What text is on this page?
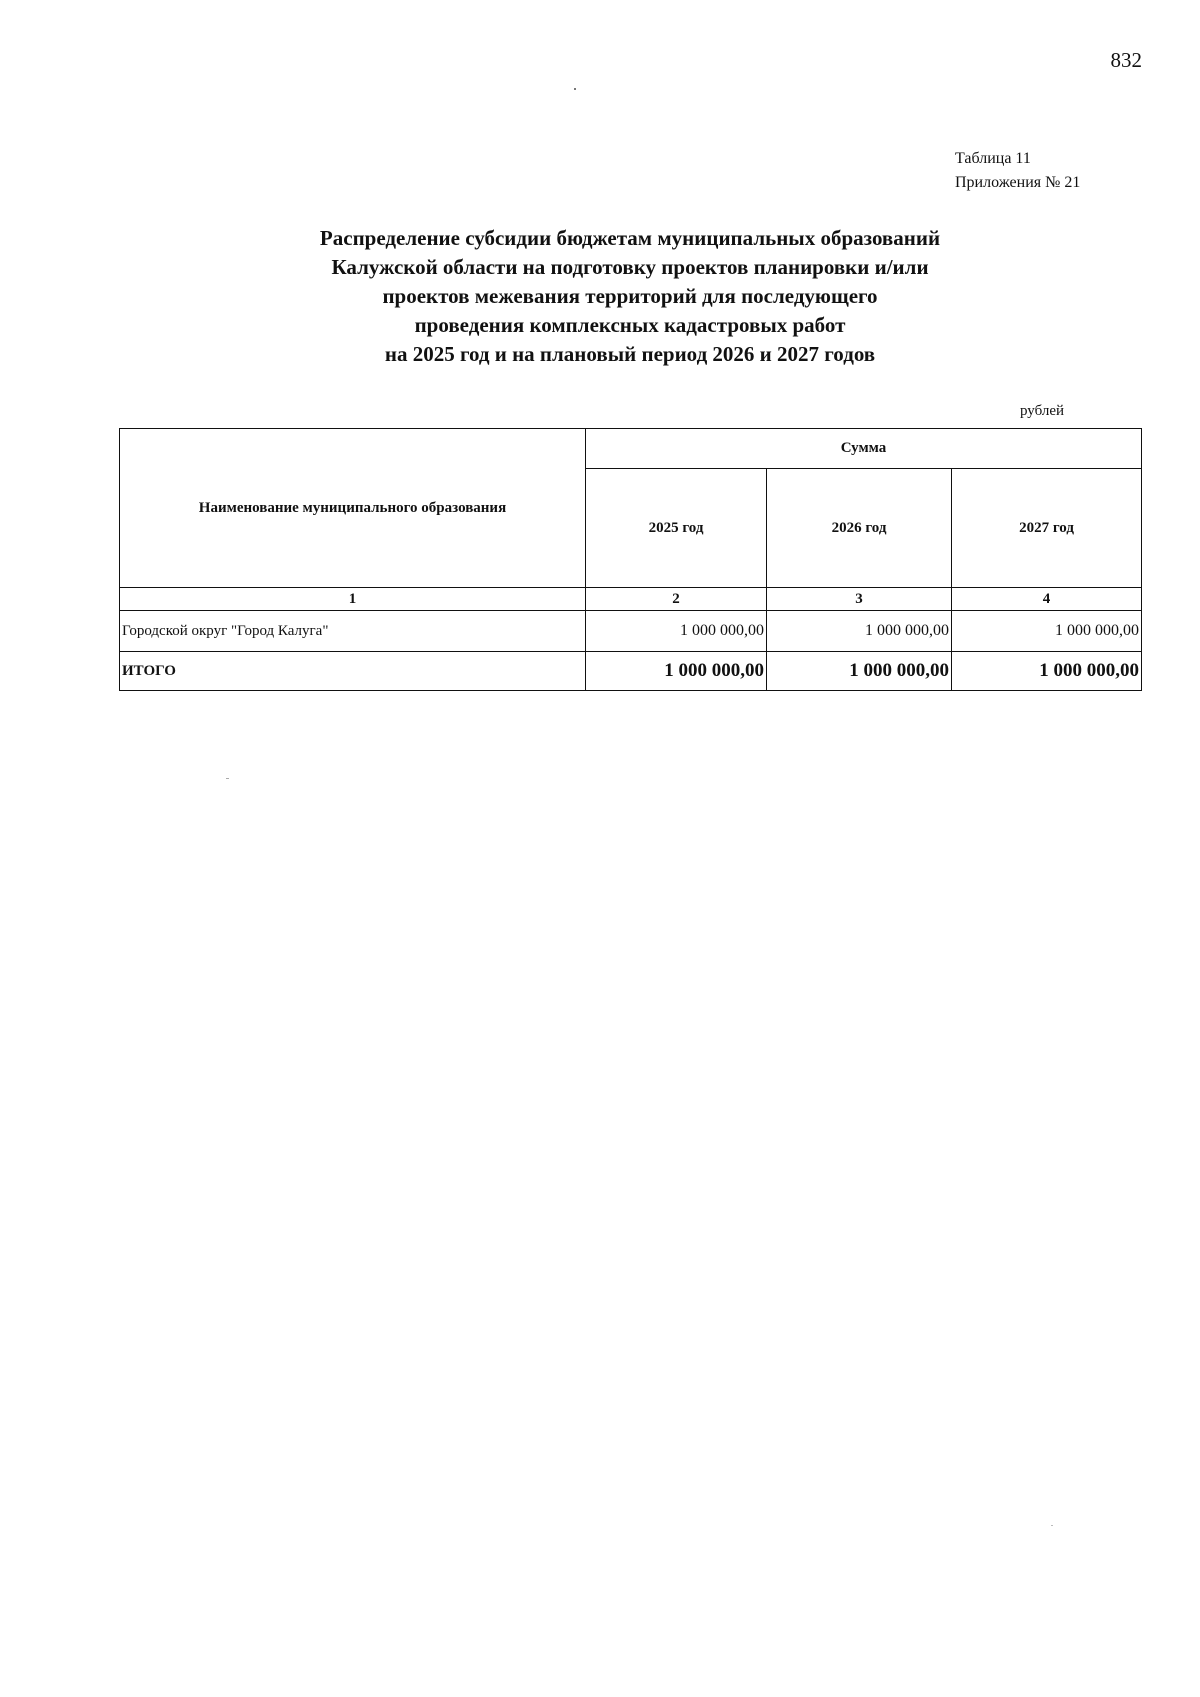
832
Таблица 11
Приложения № 21
Распределение субсидии бюджетам муниципальных образований
Калужской области на подготовку проектов планировки и/или
проектов межевания территорий для последующего
проведения комплексных кадастровых работ
на 2025 год и на плановый период 2026 и 2027 годов
рублей
Наименование муниципального образования	Сумма		
	2025 год	2026 год	2027 год
1	2	3	4
Городской округ "Город Калуга"	1 000 000,00	1 000 000,00	1 000 000,00
ИТОГО	1 000 000,00	1 000 000,00	1 000 000,00
